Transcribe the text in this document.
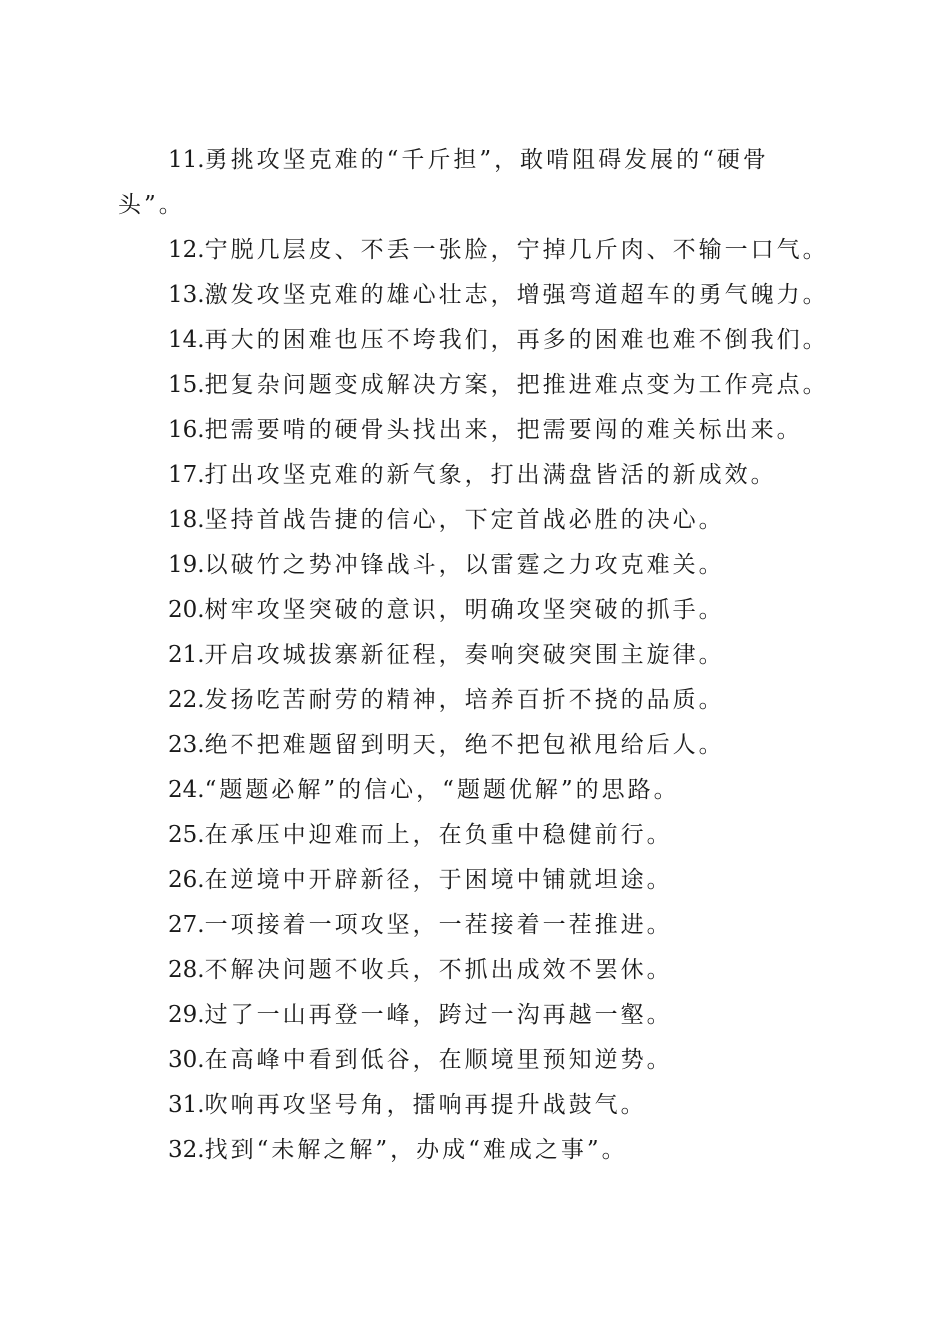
11.勇挑攻坚克难的“千斤担”，敢啃阻碍发展的“硬骨头”。

12.宁脱几层皮、不丢一张脸，宁掉几斤肉、不输一口气。

13.激发攻坚克难的雄心壮志，增强弯道超车的勇气魄力。

14.再大的困难也压不垮我们，再多的困难也难不倒我们。

15.把复杂问题变成解决方案，把推进难点变为工作亮点。

16.把需要啃的硬骨头找出来，把需要闯的难关标出来。

17.打出攻坚克难的新气象，打出满盘皆活的新成效。

18.坚持首战告捷的信心，下定首战必胜的决心。

19.以破竹之势冲锋战斗，以雷霆之力攻克难关。

20.树牢攻坚突破的意识，明确攻坚突破的抓手。

21.开启攻城拔寨新征程，奏响突破突围主旋律。

22.发扬吃苦耐劳的精神，培养百折不挠的品质。

23.绝不把难题留到明天，绝不把包袱甩给后人。

24.“题题必解”的信心，“题题优解”的思路。

25.在承压中迎难而上，在负重中稳健前行。

26.在逆境中开辟新径，于困境中铺就坦途。

27.一项接着一项攻坚，一茬接着一茬推进。

28.不解决问题不收兵，不抓出成效不罢休。

29.过了一山再登一峰，跨过一沟再越一壑。

30.在高峰中看到低谷，在顺境里预知逆势。

31.吹响再攻坚号角，擂响再提升战鼓气。

32.找到“未解之解”，办成“难成之事”。
